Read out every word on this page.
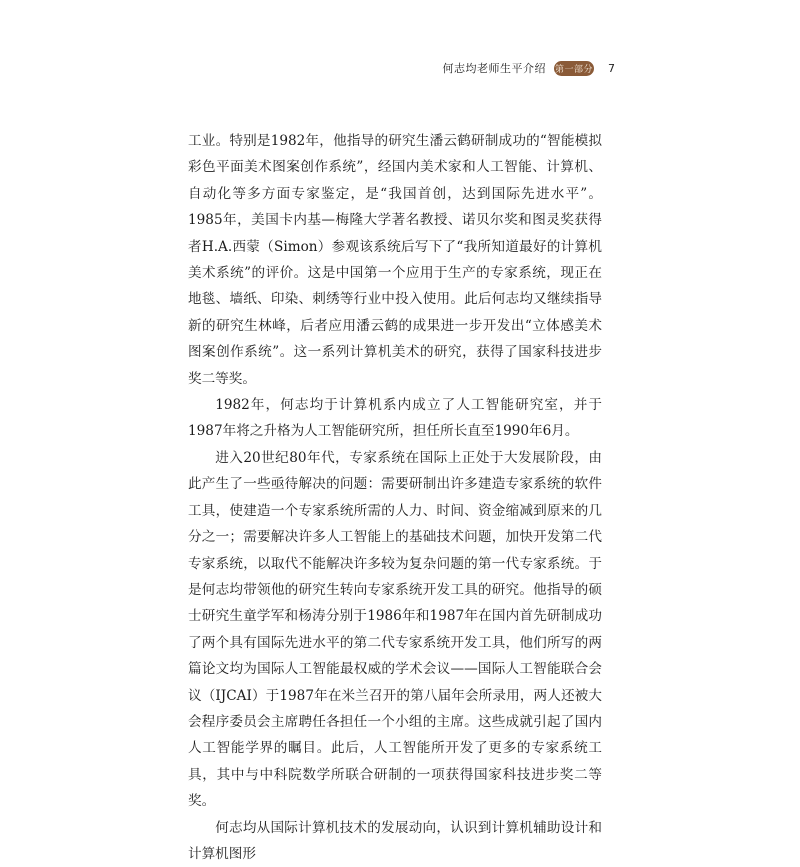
何志均老师生平介绍 第一部分 7

工业。特别是1982年，他指导的研究生潘云鹤研制成功的“智能模拟彩色平面美术图案创作系统”，经国内美术家和人工智能、计算机、自动化等多方面专家鉴定，是“我国首创，达到国际先进水平”。1985年，美国卡内基—梅隆大学著名教授、诺贝尔奖和图灵奖获得者H.A.西蒙（Simon）参观该系统后写下了“我所知道最好的计算机美术系统”的评价。这是中国第一个应用于生产的专家系统，现正在地毯、墙纸、印染、刺绣等行业中投入使用。此后何志均又继续指导新的研究生林峰，后者应用潘云鹤的成果进一步开发出“立体感美术图案创作系统”。这一系列计算机美术的研究，获得了国家科技进步奖二等奖。

1982年，何志均于计算机系内成立了人工智能研究室，并于1987年将之升格为人工智能研究所，担任所长直至1990年6月。

进入20世纪80年代，专家系统在国际上正处于大发展阶段，由此产生了一些亟待解决的问题：需要研制出许多建造专家系统的软件工具，使建造一个专家系统所需的人力、时间、资金缩减到原来的几分之一；需要解决许多人工智能上的基础技术问题，加快开发第二代专家系统，以取代不能解决许多较为复杂问题的第一代专家系统。于是何志均带领他的研究生转向专家系统开发工具的研究。他指导的硕士研究生童学军和杨涛分别于1986年和1987年在国内首先研制成功了两个具有国际先进水平的第二代专家系统开发工具，他们所写的两篇论文均为国际人工智能最权威的学术会议——国际人工智能联合会议（IJCAI）于1987年在米兰召开的第八届年会所录用，两人还被大会程序委员会主席聘任各担任一个小组的主席。这些成就引起了国内人工智能学界的瞩目。此后，人工智能所开发了更多的专家系统工具，其中与中科院数学所联合研制的一项获得国家科技进步奖二等奖。

何志均从国际计算机技术的发展动向，认识到计算机辅助设计和计算机图形
